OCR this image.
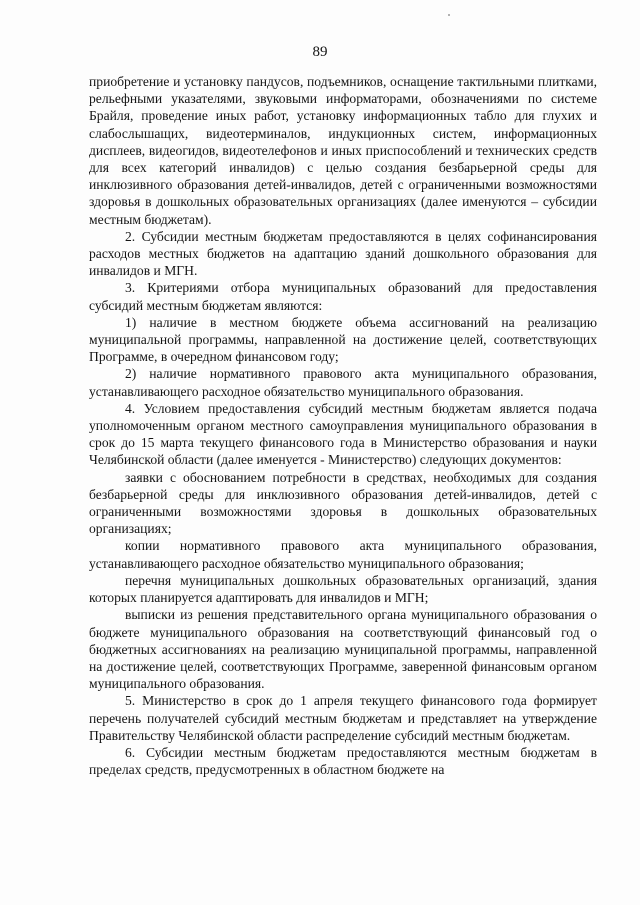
89

приобретение и установку пандусов, подъемников, оснащение тактильными плитками, рельефными указателями, звуковыми информаторами, обозначениями по системе Брайля, проведение иных работ, установку информационных табло для глухих и слабослышащих, видеотерминалов, индукционных систем, информационных дисплеев, видеогидов, видеотелефонов и иных приспособлений и технических средств для всех категорий инвалидов) с целью создания безбарьерной среды для инклюзивного образования детей-инвалидов, детей с ограниченными возможностями здоровья в дошкольных образовательных организациях (далее именуются – субсидии местным бюджетам).

2. Субсидии местным бюджетам предоставляются в целях софинансирования расходов местных бюджетов на адаптацию зданий дошкольного образования для инвалидов и МГН.

3. Критериями отбора муниципальных образований для предоставления субсидий местным бюджетам являются:

1) наличие в местном бюджете объема ассигнований на реализацию муниципальной программы, направленной на достижение целей, соответствующих Программе, в очередном финансовом году;

2) наличие нормативного правового акта муниципального образования, устанавливающего расходное обязательство муниципального образования.

4. Условием предоставления субсидий местным бюджетам является подача уполномоченным органом местного самоуправления муниципального образования в срок до 15 марта текущего финансового года в Министерство образования и науки Челябинской области (далее именуется - Министерство) следующих документов:

заявки с обоснованием потребности в средствах, необходимых для создания безбарьерной среды для инклюзивного образования детей-инвалидов, детей с ограниченными возможностями здоровья в дошкольных образовательных организациях;

копии нормативного правового акта муниципального образования, устанавливающего расходное обязательство муниципального образования;

перечня муниципальных дошкольных образовательных организаций, здания которых планируется адаптировать для инвалидов и МГН;

выписки из решения представительного органа муниципального образования о бюджете муниципального образования на соответствующий финансовый год о бюджетных ассигнованиях на реализацию муниципальной программы, направленной на достижение целей, соответствующих Программе, заверенной финансовым органом муниципального образования.

5. Министерство в срок до 1 апреля текущего финансового года формирует перечень получателей субсидий местным бюджетам и представляет на утверждение Правительству Челябинской области распределение субсидий местным бюджетам.

6. Субсидии местным бюджетам предоставляются местным бюджетам в пределах средств, предусмотренных в областном бюджете на
